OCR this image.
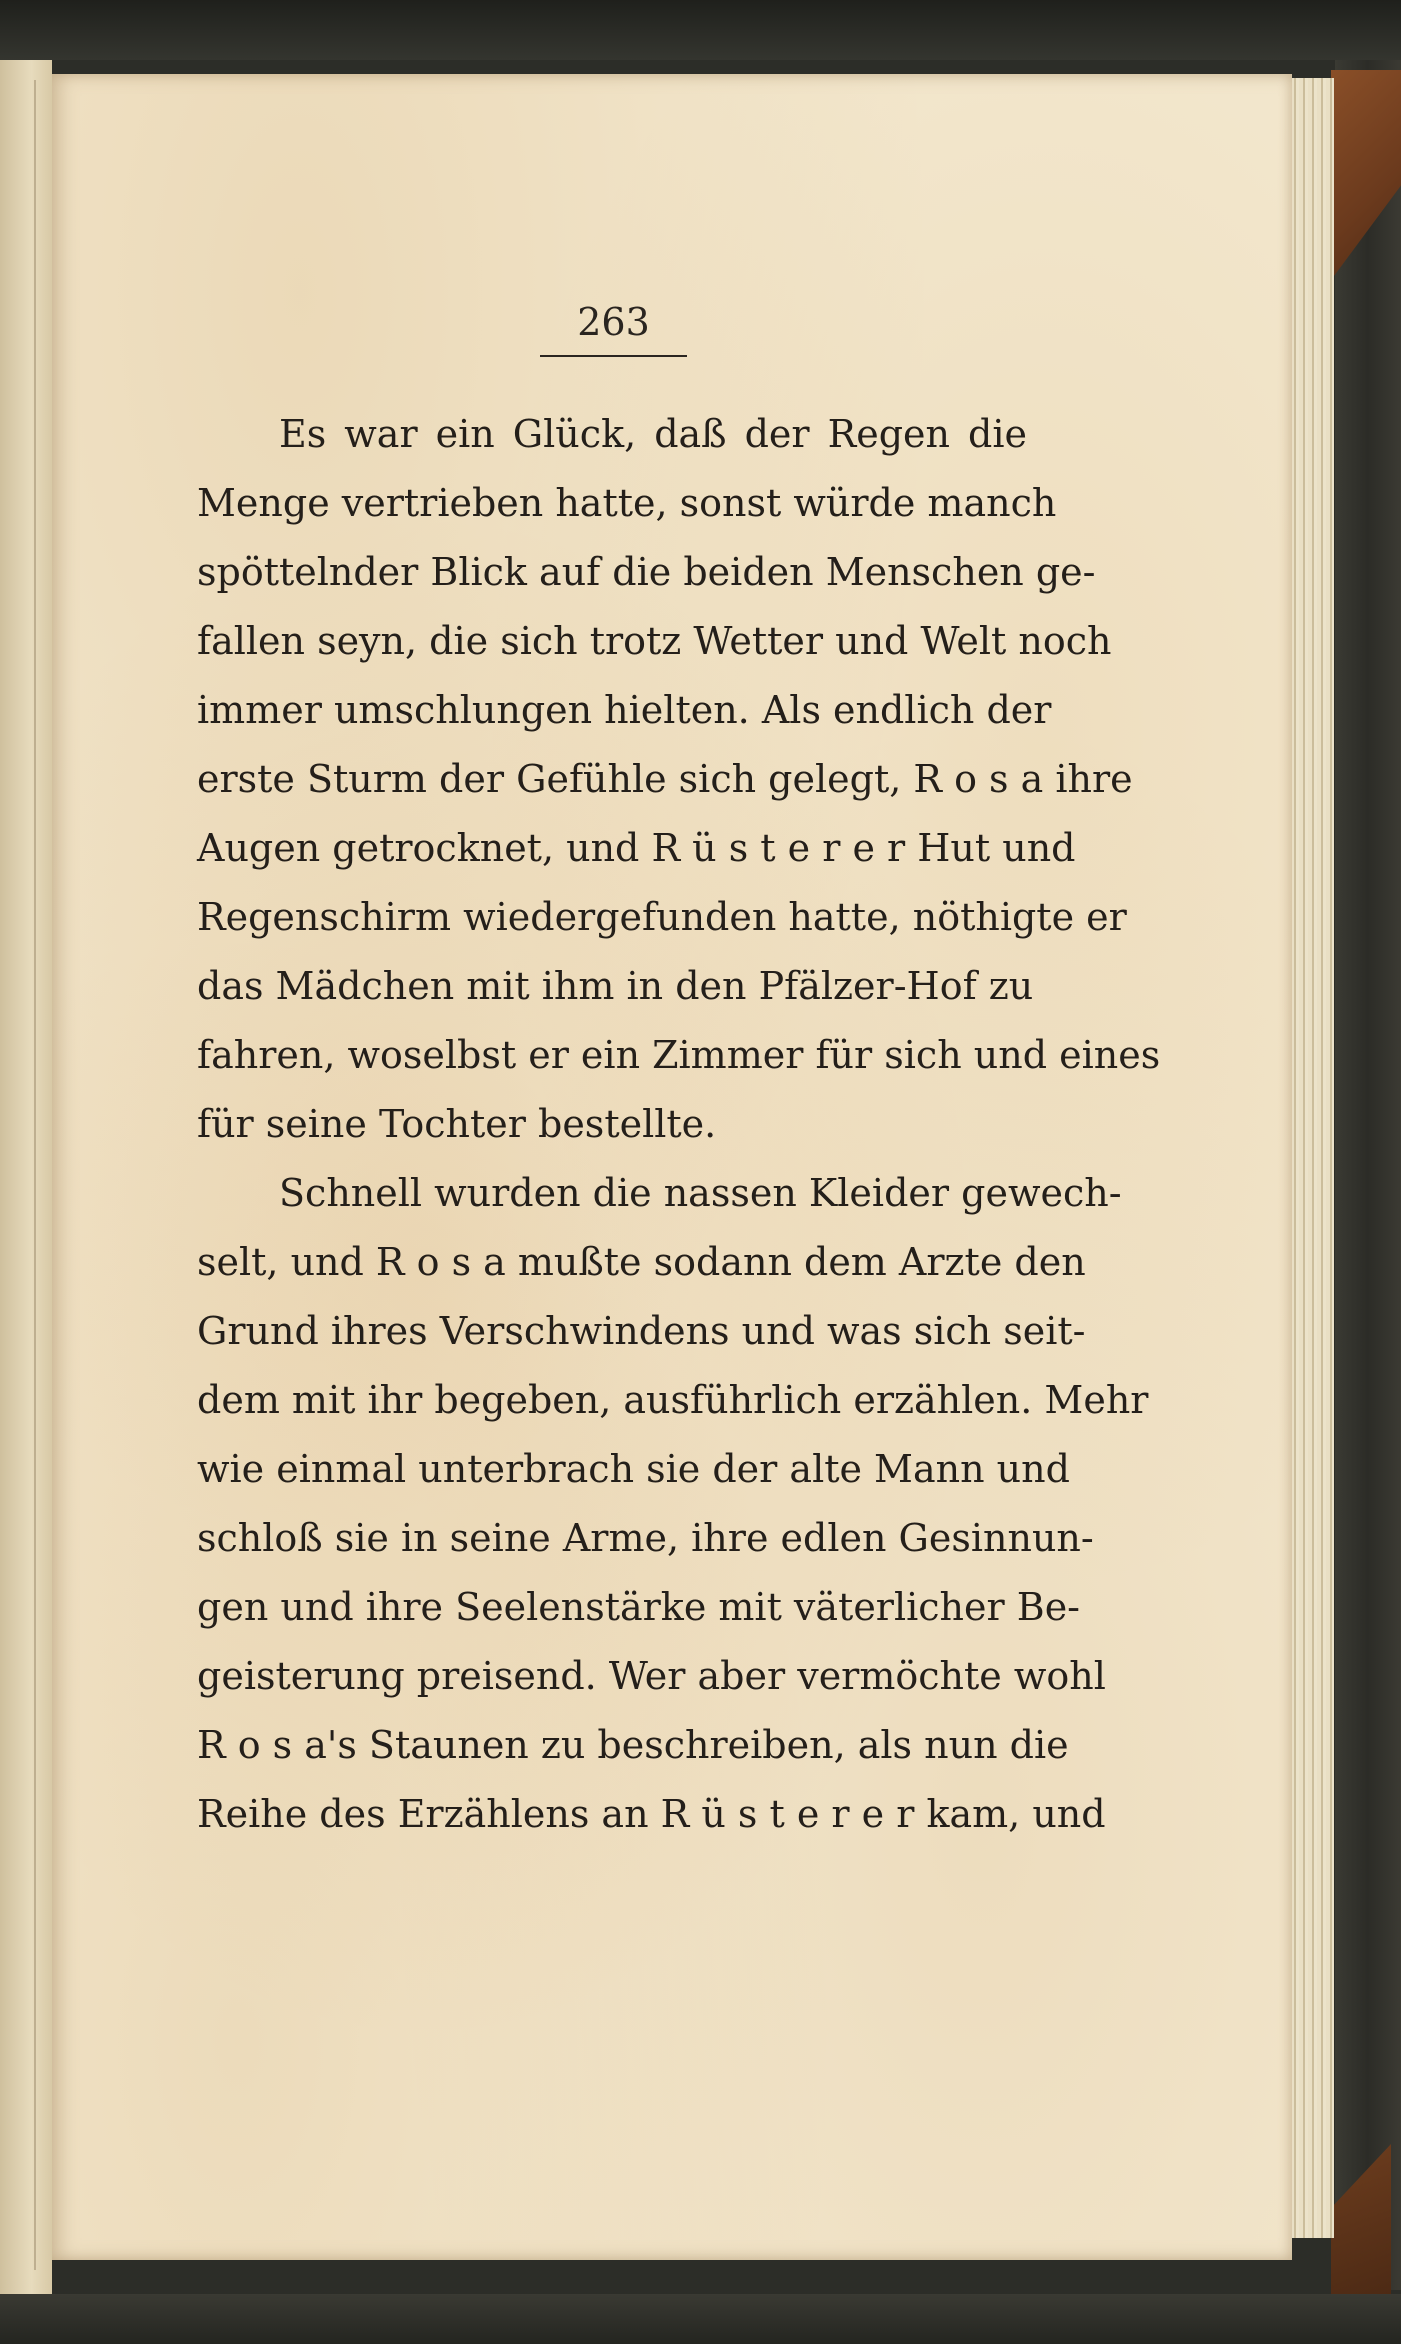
263
Es war ein Glück, daß der Regen die
Menge vertrieben hatte, sonst würde manch
spöttelnder Blick auf die beiden Menschen ge-
fallen seyn, die sich trotz Wetter und Welt noch
immer umschlungen hielten. Als endlich der
erste Sturm der Gefühle sich gelegt, R o s a ihre
Augen getrocknet, und R ü s t e r e r Hut und
Regenschirm wiedergefunden hatte, nöthigte er
das Mädchen mit ihm in den Pfälzer-Hof zu
fahren, woselbst er ein Zimmer für sich und eines
für seine Tochter bestellte.
Schnell wurden die nassen Kleider gewech-
selt, und R o s a mußte sodann dem Arzte den
Grund ihres Verschwindens und was sich seit-
dem mit ihr begeben, ausführlich erzählen. Mehr
wie einmal unterbrach sie der alte Mann und
schloß sie in seine Arme, ihre edlen Gesinnun-
gen und ihre Seelenstärke mit väterlicher Be-
geisterung preisend. Wer aber vermöchte wohl
R o s a's Staunen zu beschreiben, als nun die
Reihe des Erzählens an R ü s t e r e r kam, und
